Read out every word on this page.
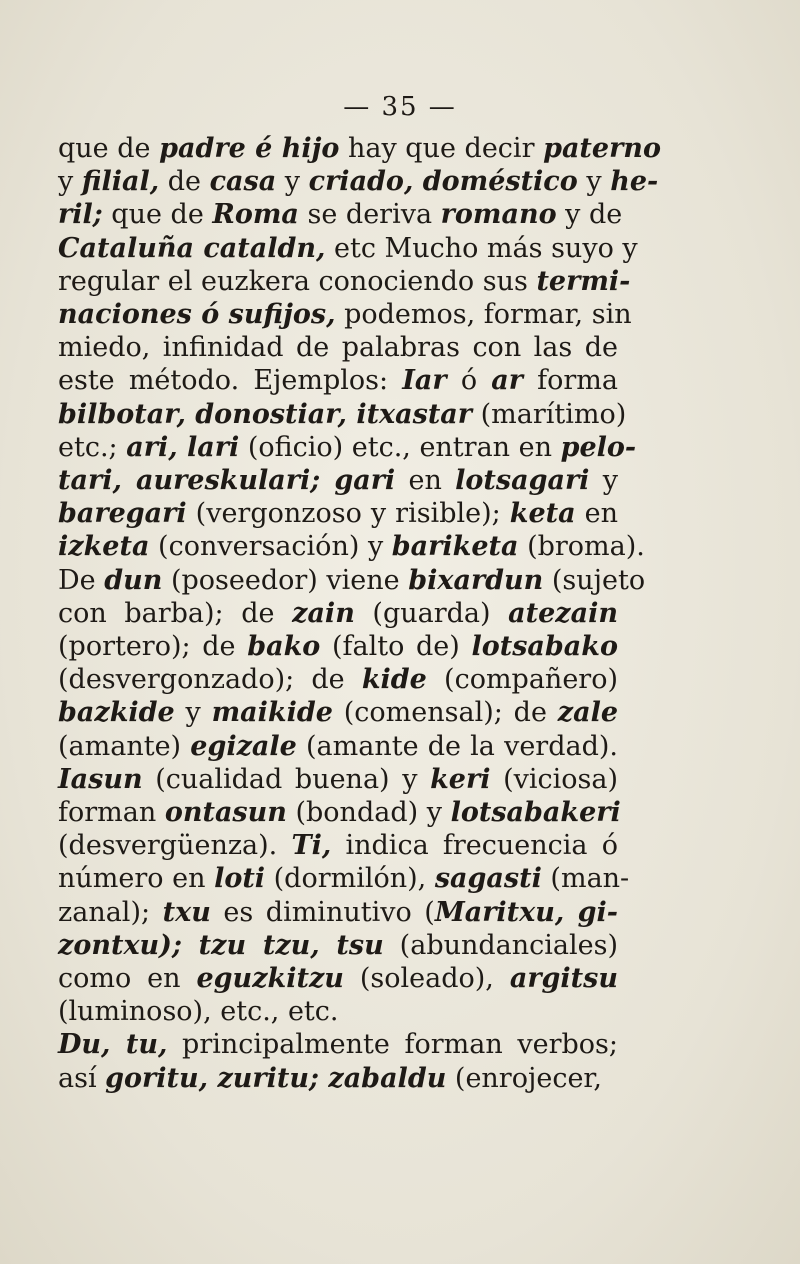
— 35 —
que de padre é hijo hay que decir paterno
y filial, de casa y criado, doméstico y he-
ril; que de Roma se deriva romano y de
Cataluña cataldn, etc Mucho más suyo y
regular el euzkera conociendo sus termi-
naciones ó sufijos, podemos, formar, sin
miedo, infinidad de palabras con las de
este método. Ejemplos: Iar ó ar forma
bilbotar, donostiar, itxastar (marítimo)
etc.; ari, lari (oficio) etc., entran en pelo-
tari, aureskulari; gari en lotsagari y
baregari (vergonzoso y risible); keta en
izketa (conversación) y bariketa (broma).
De dun (poseedor) viene bixardun (sujeto
con barba); de zain (guarda) atezain
(portero); de bako (falto de) lotsabako
(desvergonzado); de kide (compañero)
bazkide y maikide (comensal); de zale
(amante) egizale (amante de la verdad).
Iasun (cualidad buena) y keri (viciosa)
forman ontasun (bondad) y lotsabakeri
(desvergüenza). Ti, indica frecuencia ó
número en loti (dormilón), sagasti (man-
zanal); txu es diminutivo (Maritxu, gi-
zontxu); tzu tzu, tsu (abundanciales)
como en eguzkitzu (soleado), argitsu
(luminoso), etc., etc.
Du, tu, principalmente forman verbos;
así goritu, zuritu; zabaldu (enrojecer,
